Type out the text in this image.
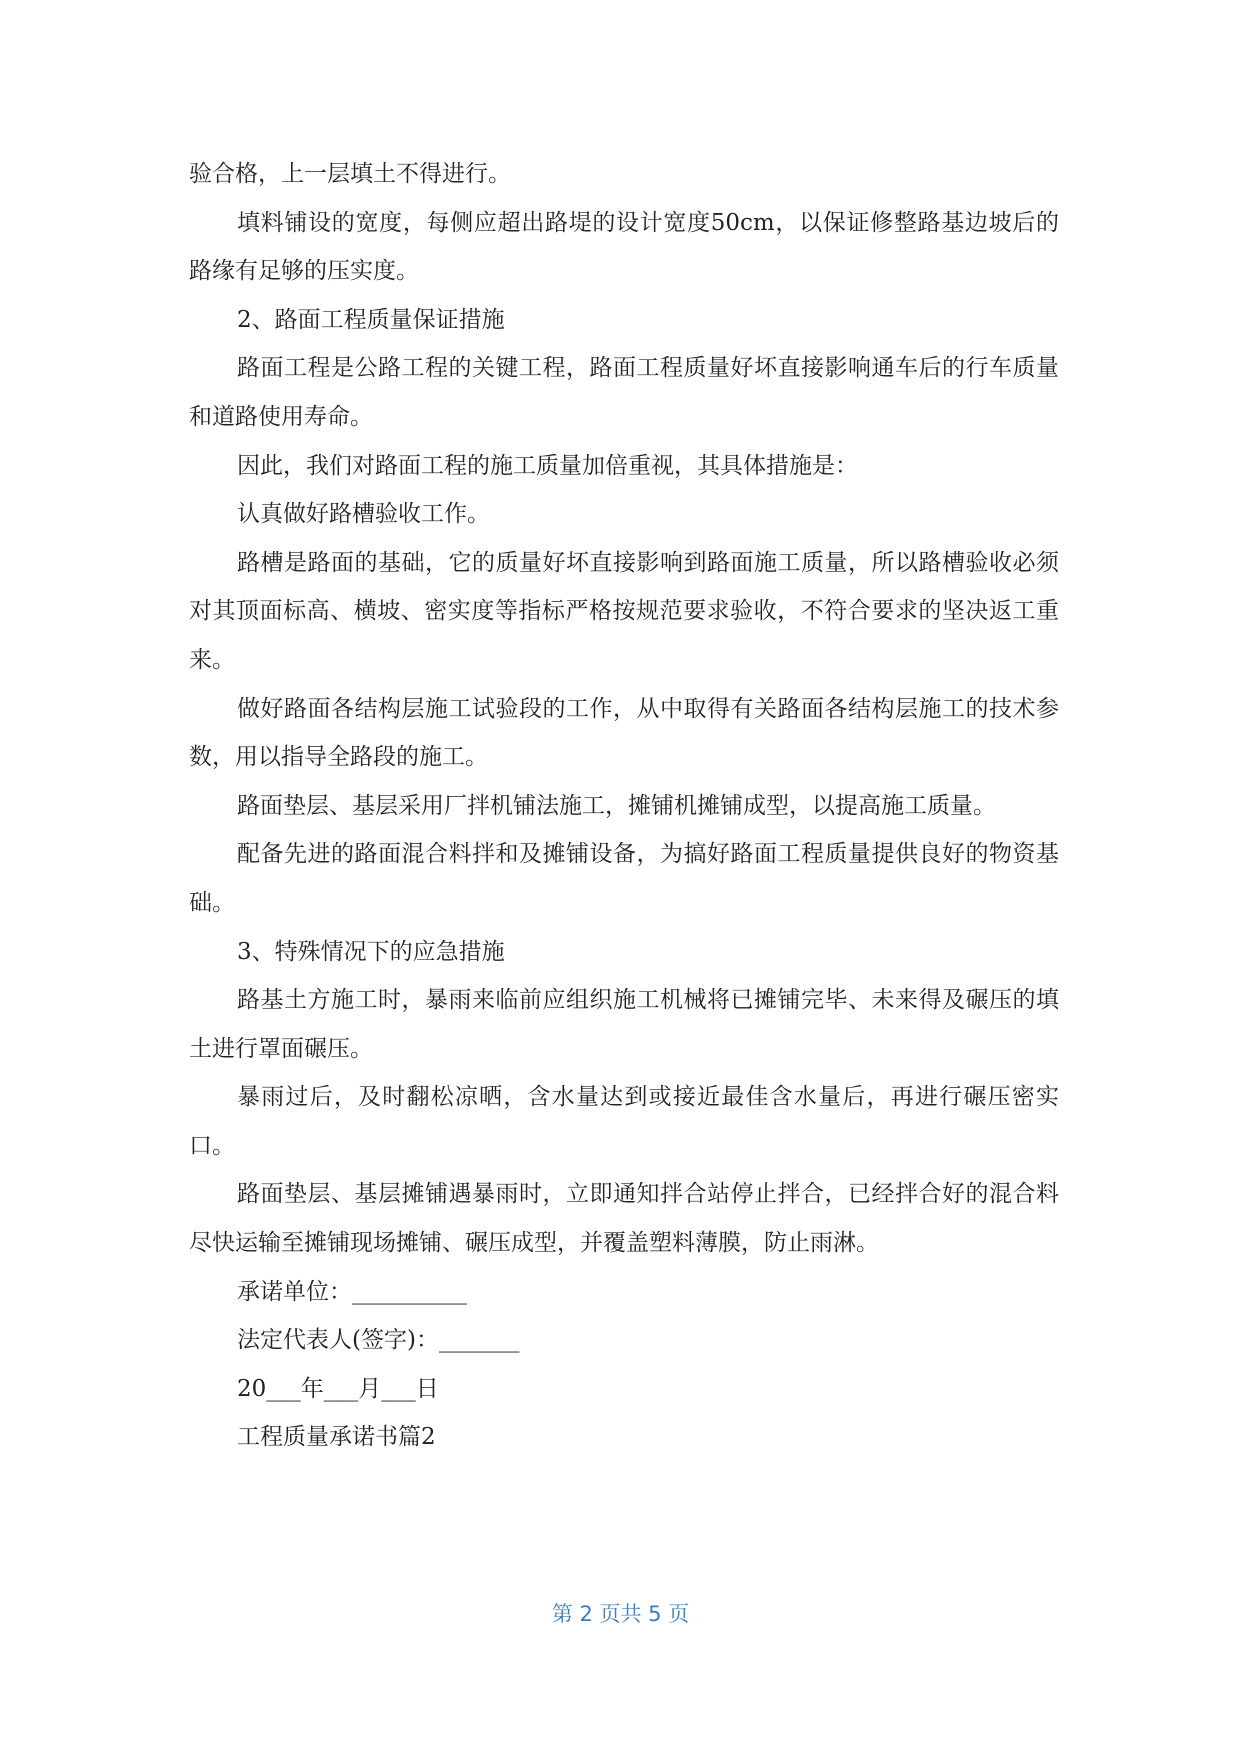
验合格，上一层填土不得进行。

填料铺设的宽度，每侧应超出路堤的设计宽度50cm，以保证修整路基边坡后的路缘有足够的压实度。

2、路面工程质量保证措施

路面工程是公路工程的关键工程，路面工程质量好坏直接影响通车后的行车质量和道路使用寿命。

因此，我们对路面工程的施工质量加倍重视，其具体措施是：

认真做好路槽验收工作。

路槽是路面的基础，它的质量好坏直接影响到路面施工质量，所以路槽验收必须对其顶面标高、横坡、密实度等指标严格按规范要求验收，不符合要求的坚决返工重来。

做好路面各结构层施工试验段的工作，从中取得有关路面各结构层施工的技术参数，用以指导全路段的施工。

路面垫层、基层采用厂拌机铺法施工，摊铺机摊铺成型，以提高施工质量。

配备先进的路面混合料拌和及摊铺设备，为搞好路面工程质量提供良好的物资基础。

3、特殊情况下的应急措施

路基土方施工时，暴雨来临前应组织施工机械将已摊铺完毕、未来得及碾压的填土进行罩面碾压。

暴雨过后，及时翻松凉晒，含水量达到或接近最佳含水量后，再进行碾压密实口。

路面垫层、基层摊铺遇暴雨时，立即通知拌合站停止拌合，已经拌合好的混合料尽快运输至摊铺现场摊铺、碾压成型，并覆盖塑料薄膜，防止雨淋。

承诺单位：__________

法定代表人(签字)：_______

20___年___月___日

工程质量承诺书篇2

第 2 页共 5 页
